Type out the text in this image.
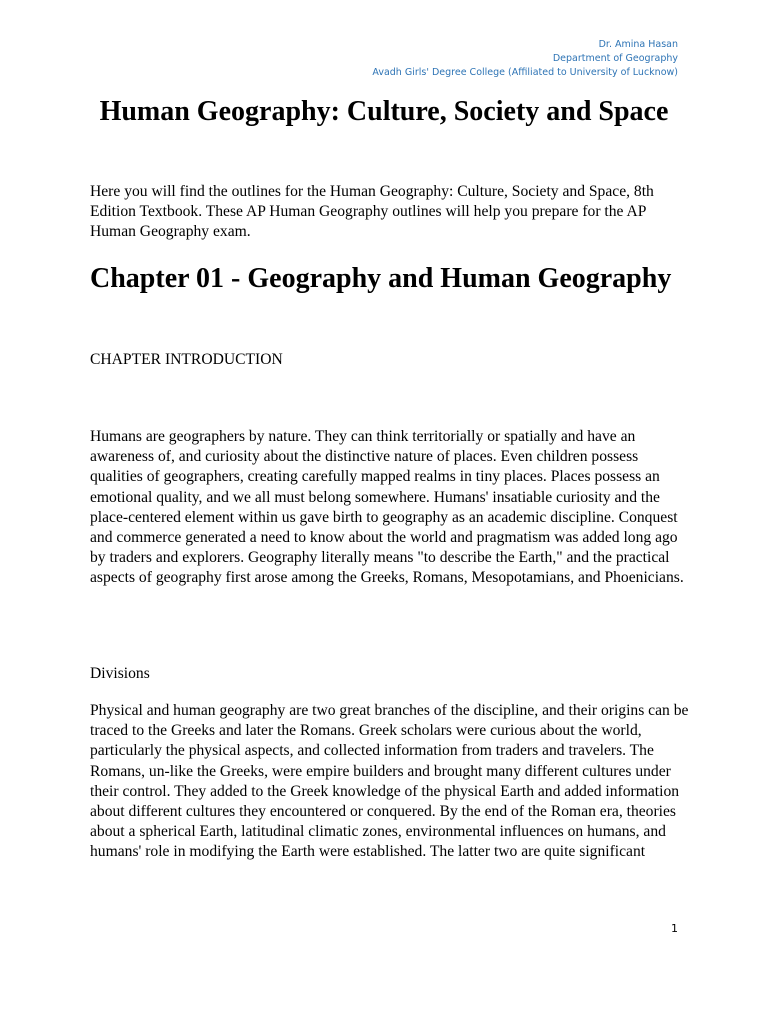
Dr. Amina Hasan
Department of Geography
Avadh Girls' Degree College (Affiliated to University of Lucknow)
Human Geography: Culture, Society and Space

Here you will find the outlines for the Human Geography: Culture, Society and Space, 8th Edition Textbook. These AP Human Geography outlines will help you prepare for the AP Human Geography exam.

Chapter 01 - Geography and Human Geography

CHAPTER INTRODUCTION

Humans are geographers by nature. They can think territorially or spatially and have an awareness of, and curiosity about the distinctive nature of places. Even children possess qualities of geographers, creating carefully mapped realms in tiny places. Places possess an emotional quality, and we all must belong somewhere. Humans' insatiable curiosity and the place-centered element within us gave birth to geography as an academic discipline. Conquest and commerce generated a need to know about the world and pragmatism was added long ago by traders and explorers. Geography literally means "to describe the Earth," and the practical aspects of geography first arose among the Greeks, Romans, Mesopotamians, and Phoenicians.

Divisions

Physical and human geography are two great branches of the discipline, and their origins can be traced to the Greeks and later the Romans. Greek scholars were curious about the world, particularly the physical aspects, and collected information from traders and travelers. The Romans, un-like the Greeks, were empire builders and brought many different cultures under their control. They added to the Greek knowledge of the physical Earth and added information about different cultures they encountered or conquered. By the end of the Roman era, theories about a spherical Earth, latitudinal climatic zones, environmental influences on humans, and humans' role in modifying the Earth were established. The latter two are quite significant

1
